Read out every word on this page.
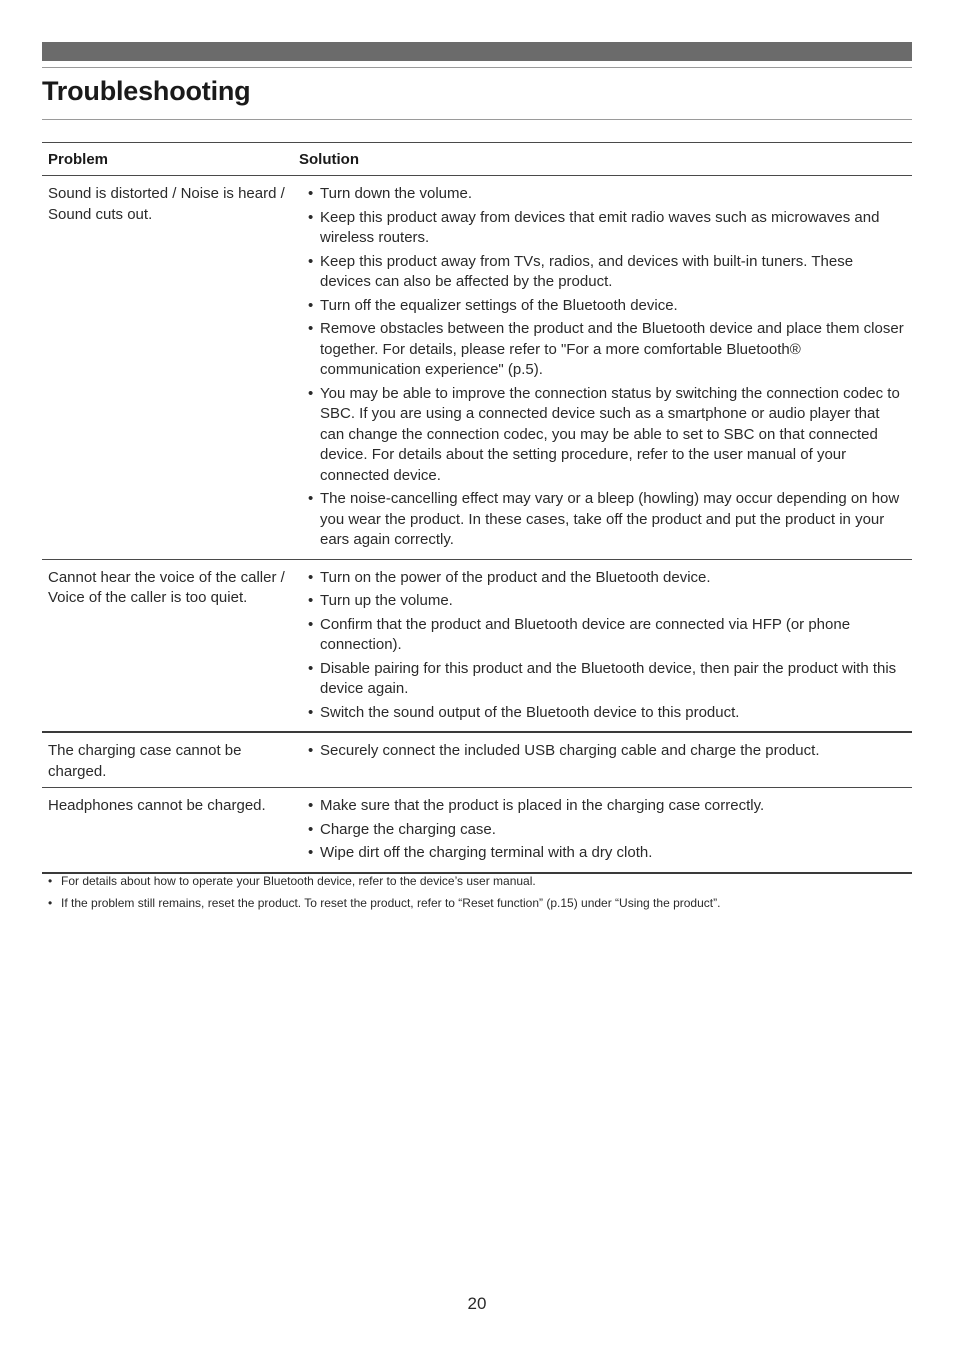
Troubleshooting
Problem	Solution
Sound is distorted / Noise is heard / Sound cuts out.
• Turn down the volume.
• Keep this product away from devices that emit radio waves such as microwaves and wireless routers.
• Keep this product away from TVs, radios, and devices with built-in tuners. These devices can also be affected by the product.
• Turn off the equalizer settings of the Bluetooth device.
• Remove obstacles between the product and the Bluetooth device and place them closer together. For details, please refer to "For a more comfortable Bluetooth® communication experience" (p.5).
• You may be able to improve the connection status by switching the connection codec to SBC. If you are using a connected device such as a smartphone or audio player that can change the connection codec, you may be able to set to SBC on that connected device. For details about the setting procedure, refer to the user manual of your connected device.
• The noise-cancelling effect may vary or a bleep (howling) may occur depending on how you wear the product. In these cases, take off the product and put the product in your ears again correctly.
Cannot hear the voice of the caller / Voice of the caller is too quiet.
• Turn on the power of the product and the Bluetooth device.
• Turn up the volume.
• Confirm that the product and Bluetooth device are connected via HFP (or phone connection).
• Disable pairing for this product and the Bluetooth device, then pair the product with this device again.
• Switch the sound output of the Bluetooth device to this product.
The charging case cannot be charged.
• Securely connect the included USB charging cable and charge the product.
Headphones cannot be charged.	• Make sure that the product is placed in the charging case correctly.
• Charge the charging case.
• Wipe dirt off the charging terminal with a dry cloth.
• For details about how to operate your Bluetooth device, refer to the device’s user manual.
• If the problem still remains, reset the product. To reset the product, refer to “Reset function” (p.15) under “Using the product”.
20
